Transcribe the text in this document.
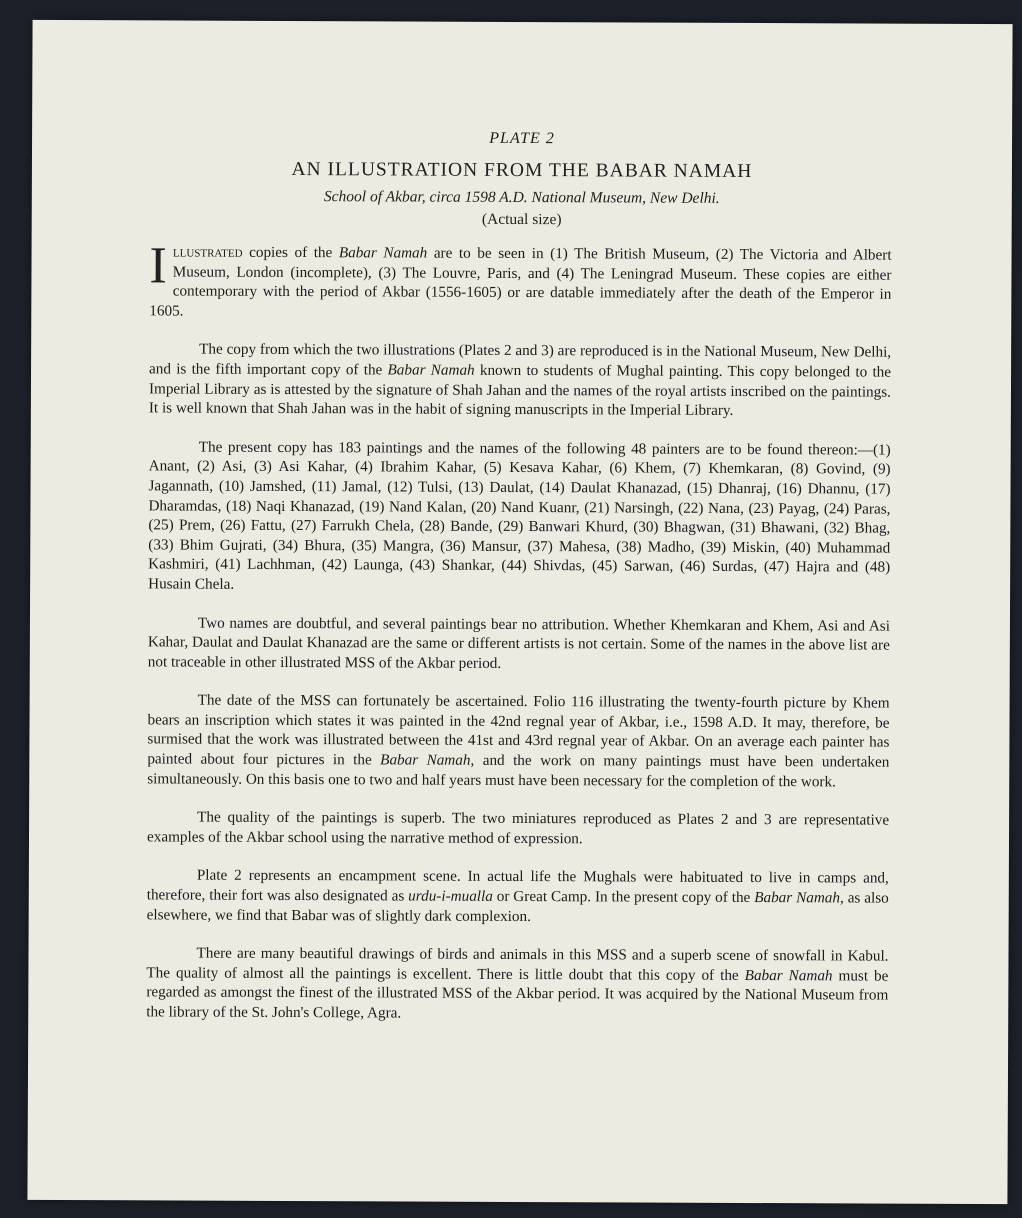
PLATE 2
AN ILLUSTRATION FROM THE BABAR NAMAH
School of Akbar, circa 1598 A.D. National Museum, New Delhi.
(Actual size)

Illustrated copies of the Babar Namah are to be seen in (1) The British Museum, (2) The Victoria and Albert Museum, London (incomplete), (3) The Louvre, Paris, and (4) The Leningrad Museum. These copies are either contemporary with the period of Akbar (1556-1605) or are datable immediately after the death of the Emperor in 1605.

The copy from which the two illustrations (Plates 2 and 3) are reproduced is in the National Museum, New Delhi, and is the fifth important copy of the Babar Namah known to students of Mughal painting. This copy belonged to the Imperial Library as is attested by the signature of Shah Jahan and the names of the royal artists inscribed on the paintings. It is well known that Shah Jahan was in the habit of signing manuscripts in the Imperial Library.

The present copy has 183 paintings and the names of the following 48 painters are to be found thereon:—(1) Anant, (2) Asi, (3) Asi Kahar, (4) Ibrahim Kahar, (5) Kesava Kahar, (6) Khem, (7) Khemkaran, (8) Govind, (9) Jagannath, (10) Jamshed, (11) Jamal, (12) Tulsi, (13) Daulat, (14) Daulat Khanazad, (15) Dhanraj, (16) Dhannu, (17) Dharamdas, (18) Naqi Khanazad, (19) Nand Kalan, (20) Nand Kuanr, (21) Narsingh, (22) Nana, (23) Payag, (24) Paras, (25) Prem, (26) Fattu, (27) Farrukh Chela, (28) Bande, (29) Banwari Khurd, (30) Bhagwan, (31) Bhawani, (32) Bhag, (33) Bhim Gujrati, (34) Bhura, (35) Mangra, (36) Mansur, (37) Mahesa, (38) Madho, (39) Miskin, (40) Muhammad Kashmiri, (41) Lachhman, (42) Launga, (43) Shankar, (44) Shivdas, (45) Sarwan, (46) Surdas, (47) Hajra and (48) Husain Chela.

Two names are doubtful, and several paintings bear no attribution. Whether Khemkaran and Khem, Asi and Asi Kahar, Daulat and Daulat Khanazad are the same or different artists is not certain. Some of the names in the above list are not traceable in other illustrated MSS of the Akbar period.

The date of the MSS can fortunately be ascertained. Folio 116 illustrating the twenty-fourth picture by Khem bears an inscription which states it was painted in the 42nd regnal year of Akbar, i.e., 1598 A.D. It may, therefore, be surmised that the work was illustrated between the 41st and 43rd regnal year of Akbar. On an average each painter has painted about four pictures in the Babar Namah, and the work on many paintings must have been undertaken simultaneously. On this basis one to two and half years must have been necessary for the completion of the work.

The quality of the paintings is superb. The two miniatures reproduced as Plates 2 and 3 are representative examples of the Akbar school using the narrative method of expression.

Plate 2 represents an encampment scene. In actual life the Mughals were habituated to live in camps and, therefore, their fort was also designated as urdu-i-mualla or Great Camp. In the present copy of the Babar Namah, as also elsewhere, we find that Babar was of slightly dark complexion.

There are many beautiful drawings of birds and animals in this MSS and a superb scene of snowfall in Kabul. The quality of almost all the paintings is excellent. There is little doubt that this copy of the Babar Namah must be regarded as amongst the finest of the illustrated MSS of the Akbar period. It was acquired by the National Museum from the library of the St. John's College, Agra.
